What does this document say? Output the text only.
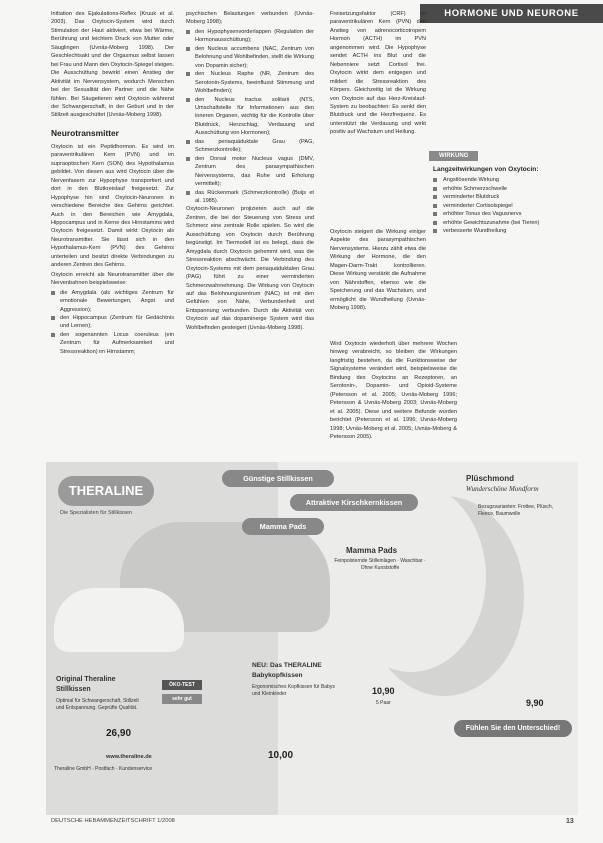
HORMONE UND NEURONE

Initiation des Ejakulations-Reflex (Kruuk et al. 2003). Das Oxytocin-System wird durch Stimulation der Haut aktiviert, etwa bei Wärme, Berührung und leichtem Druck von Mutter oder Säuglingen (Uvnäs-Moberg 1998). Der Geschlechtsakt und der Orgasmus selbst lassen bei Frau und Mann den Oxytocin-Spiegel steigen. Die Ausschüttung bewirkt einen Anstieg der Aktivität im Nervensystem, wodurch Menschen bei der Sexualität den Partner und die Nähe fühlen. Bei Säugetieren wird Oxytocin während der Schwangerschaft, in der Geburt und in der Stillzeit ausgeschüttet (Uvnäs-Moberg 1998).

Neurotransmitter

Oxytocin ist ein Peptidhormon. Es wird im paraventrikulären Kern (PVN) und im supraoptischen Kern (SON) des Hypothalamus gebildet. Von diesen aus wird Oxytocin über die Nervenfasern zur Hypophyse transportiert und dort in den Blutkreislauf freigesetzt. Zur Hypophyse hin sind Oxytocin-Neuronen in verschiedene Bereiche des Gehirns gerichtet. Auch in den Bereichen wie Amygdala, Hippocampus und in Kerne des Hirnstamms wird Oxytocin freigesetzt. Damit wirkt Oxytocin als Neurotransmitter. Sie lässt sich in den Hypothalamus-Kern (PVN) des Gehirns unterteilen und besitzt direkte Verbindungen zu anderen Zentren des Gehirns.

Oxytocin erreicht als Neurotransmitter über die Nervenbahnen beispielsweise:

die Amygdala (als wichtiges Zentrum für emotionale Bewertungen, Angst und Aggression);
den Hippocampus (Zentrum für Gedächtnis und Lernen);
den sogenannten Locus coeruleus (ein Zentrum für Aufmerksamkeit und Stressreaktion) im Hirnstamm;

psychischen Belastungen verbunden (Uvnäs-Moberg 1998);

den Hypophysenvorderlappen (Regulation der Hormonausschüttung);
den Nucleus accumbens (NAC, Zentrum von Belohnung und Wohlbefinden, stellt die Wirkung von Dopamin sicher);
den Nucleus Raphe (NR, Zentrum des Serotonin-Systems, beeinflusst Stimmung und Wohlbefinden);
den Nucleus tractus solitarii (NTS, Umschaltstelle für Informationen aus den inneren Organen, wichtig für die Kontrolle über Blutdruck, Herzschlag, Verdauung und Ausschüttung von Hormonen);
das periaquäduktale Grau (PAG, Schmerzkontrolle);
den Dorsal motor Nucleus vagus (DMV, Zentrum des parasympathischen Nervensystems, das Ruhe und Erholung vermittelt);
das Rückenmark (Schmerzkontrolle) (Buijs et al. 1985).

Oxytocin-Neuronen projizieren auch auf die Zentren, die bei der Steuerung von Stress und Schmerz eine zentrale Rolle spielen. So wird die Ausschüttung von Oxytocin durch Berührung begünstigt. Im Tiermodell ist es belegt, dass die Amygdala durch Oxytocin gehemmt wird, was die Stressreaktion abschwächt. Die Verbindung des Oxytocin-Systems mit dem periaquäduktalen Grau (PAG) führt zu einer verminderten Schmerzwahrnehmung. Die Wirkung von Oxytocin auf das Belohnungszentrum (NAC) ist mit den Gefühlen von Nähe, Verbundenheit und Entspannung verbunden. Durch die Aktivität von Oxytocin auf das dopaminerge System wird das Wohlbefinden gesteigert (Uvnäs-Moberg 1998).

Freisetzungsfaktor (CRF) im paraventrikulären Kern (PVN) den Anstieg von adrenocorticotropem Hormon (ACTH) im PVN angenommen wird. Die Hypophyse sendet ACTH ins Blut und die Nebenniere setzt Cortisol frei. Oxytocin wirkt dem entgegen und mildert die Stressreaktion des Körpers. Gleichzeitig ist die Wirkung von Oxytocin auf das Herz-Kreislauf-System zu beobachten: Es senkt den Blutdruck und die Herzfrequenz. Es unterstützt die Verdauung und wirkt positiv auf Wachstum und Heilung.

Oxytocin steigert die Wirkung einiger Aspekte des parasympathischen Nervensystems. Hierzu zählt etwa die Wirkung der Hormone, die den Magen-Darm-Trakt kontrollieren. Diese Wirkung verstärkt die Aufnahme von Nährstoffen, ebenso wie die Speicherung und das Wachstum, und ermöglicht die Wundheilung (Uvnäs-Moberg 1998).

Wird Oxytocin wiederholt über mehrere Wochen hinweg verabreicht, so bleiben die Wirkungen langfristig bestehen, da die Funktionsweise der Signalsysteme verändert wird, beispielsweise die Bindung des Oxytocins an Rezeptoren, an Serotonin-, Dopamin- und Opioid-Systeme (Petersson et al. 2005; Uvnäs-Moberg 1996; Petersson & Uvnäs-Moberg 2003; Uvnäs-Moberg et al. 2005). Diese und weitere Befunde wurden berichtet (Petersson et al. 1996; Uvnäs-Moberg 1998; Uvnäs-Moberg et al. 2005; Uvnäs-Moberg & Petersson 2005).

WIRKUNG
Langzeitwirkungen von Oxytocin:
Angstlösende Wirkung
erhöhte Schmerzschwelle
verminderter Blutdruck
verminderter Cortisolspiegel
erhöhter Tonus des Vagusnervs
erhöhte Gewichtszunahme (bei Tieren)
verbesserte Wundheilung
THERALINE
Die Spezialisten für Stillkissen
Günstige Stillkissen
Attraktive Kirschkernkissen
Mamma Pads
Plüschmond
Wunderschöne Mondform
Bezugsvarianten: Frottee, Plüsch, Fleece, Baumwolle
9,90
Fühlen Sie den Unterschied!
Mamma Pads
Feinpolsternde Stilleinlagen · Waschbar · Ohne Kunststoffe
10,90
5 Paar
NEU: Das THERALINE
Babykopfkissen
Ergonomisches Kopfkissen für Babys und Kleinkinder
10,00
Original Theraline
Stillkissen
Optimal für Schwangerschaft, Stillzeit und Entspannung. Geprüfte Qualität.
26,90
ÖKO-TEST
sehr gut
www.theraline.de
Theraline GmbH · Postfach · Kundenservice
DEUTSCHE HEBAMMENZEITSCHRIFT 1/2008	13
